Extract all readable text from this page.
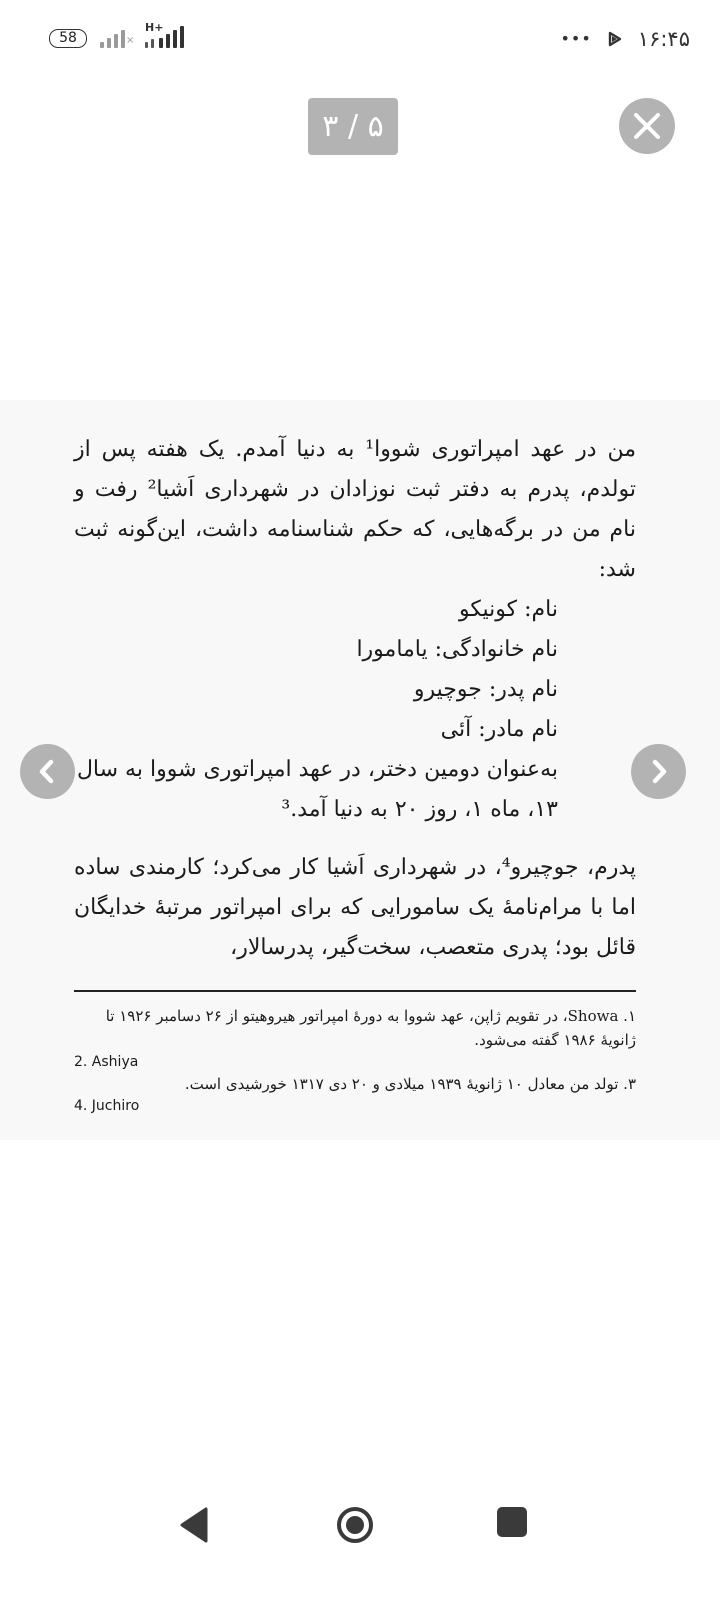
58	×
H+
••• ۱۶:۴۵
۳ / ۵

من در عهد امپراتوری شووا¹ به دنیا آمدم. یک هفته پس از تولدم، پدرم به دفتر ثبت نوزادان در شهرداری اَشیا² رفت و نام من در برگه‌هایی، که حکم شناسنامه داشت، این‌گونه ثبت شد:

نام: کونیکو
نام خانوادگی: یامامورا
نام پدر: جوچیرو
نام مادر: آئی
به‌عنوان دومین دختر، در عهد امپراتوری شووا به سال
۱۳، ماه ۱، روز ۲۰ به دنیا آمد.³

پدرم، جوچیرو⁴، در شهرداری اَشیا کار می‌کرد؛ کارمندی ساده اما با مرام‌نامهٔ یک سامورایی که برای امپراتور مرتبهٔ خدایگان قائل بود؛ پدری متعصب، سخت‌گیر، پدرسالار،

۱. Showa، در تقویم ژاپن، عهد شووا به دورهٔ امپراتور هیروهیتو از ۲۶ دسامبر ۱۹۲۶ تا ژانویهٔ ۱۹۸۶ گفته می‌شود.
2. Ashiya
۳. تولد من معادل ۱۰ ژانویهٔ ۱۹۳۹ میلادی و ۲۰ دی ۱۳۱۷ خورشیدی است.
4. Juchiro
